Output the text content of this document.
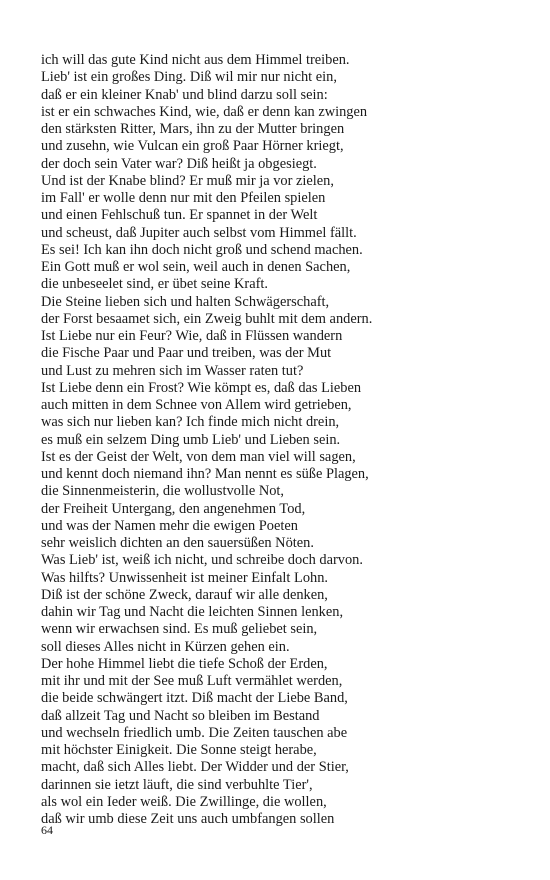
ich will das gute Kind nicht aus dem Himmel treiben.
Lieb' ist ein großes Ding. Diß wil mir nur nicht ein,
daß er ein kleiner Knab' und blind darzu soll sein:
ist er ein schwaches Kind, wie, daß er denn kan zwingen
den stärksten Ritter, Mars, ihn zu der Mutter bringen
und zusehn, wie Vulcan ein groß Paar Hörner kriegt,
der doch sein Vater war? Diß heißt ja obgesiegt.
Und ist der Knabe blind? Er muß mir ja vor zielen,
im Fall' er wolle denn nur mit den Pfeilen spielen
und einen Fehlschuß tun. Er spannet in der Welt
und scheust, daß Jupiter auch selbst vom Himmel fällt.
Es sei! Ich kan ihn doch nicht groß und schend machen.
Ein Gott muß er wol sein, weil auch in denen Sachen,
die unbeseelet sind, er übet seine Kraft.
Die Steine lieben sich und halten Schwägerschaft,
der Forst besaamet sich, ein Zweig buhlt mit dem andern.
Ist Liebe nur ein Feur? Wie, daß in Flüssen wandern
die Fische Paar und Paar und treiben, was der Mut
und Lust zu mehren sich im Wasser raten tut?
Ist Liebe denn ein Frost? Wie kömpt es, daß das Lieben
auch mitten in dem Schnee von Allem wird getrieben,
was sich nur lieben kan? Ich finde mich nicht drein,
es muß ein selzem Ding umb Lieb' und Lieben sein.
Ist es der Geist der Welt, von dem man viel will sagen,
und kennt doch niemand ihn? Man nennt es süße Plagen,
die Sinnenmeisterin, die wollustvolle Not,
der Freiheit Untergang, den angenehmen Tod,
und was der Namen mehr die ewigen Poeten
sehr weislich dichten an den sauersüßen Nöten.
Was Lieb' ist, weiß ich nicht, und schreibe doch darvon.
Was hilfts? Unwissenheit ist meiner Einfalt Lohn.
Diß ist der schöne Zweck, darauf wir alle denken,
dahin wir Tag und Nacht die leichten Sinnen lenken,
wenn wir erwachsen sind. Es muß geliebet sein,
soll dieses Alles nicht in Kürzen gehen ein.
Der hohe Himmel liebt die tiefe Schoß der Erden,
mit ihr und mit der See muß Luft vermählet werden,
die beide schwängert itzt. Diß macht der Liebe Band,
daß allzeit Tag und Nacht so bleiben im Bestand
und wechseln friedlich umb. Die Zeiten tauschen abe
mit höchster Einigkeit. Die Sonne steigt herabe,
macht, daß sich Alles liebt. Der Widder und der Stier,
darinnen sie ietzt läuft, die sind verbuhlte Tier',
als wol ein Ieder weiß. Die Zwillinge, die wollen,
daß wir umb diese Zeit uns auch umbfangen sollen
64
